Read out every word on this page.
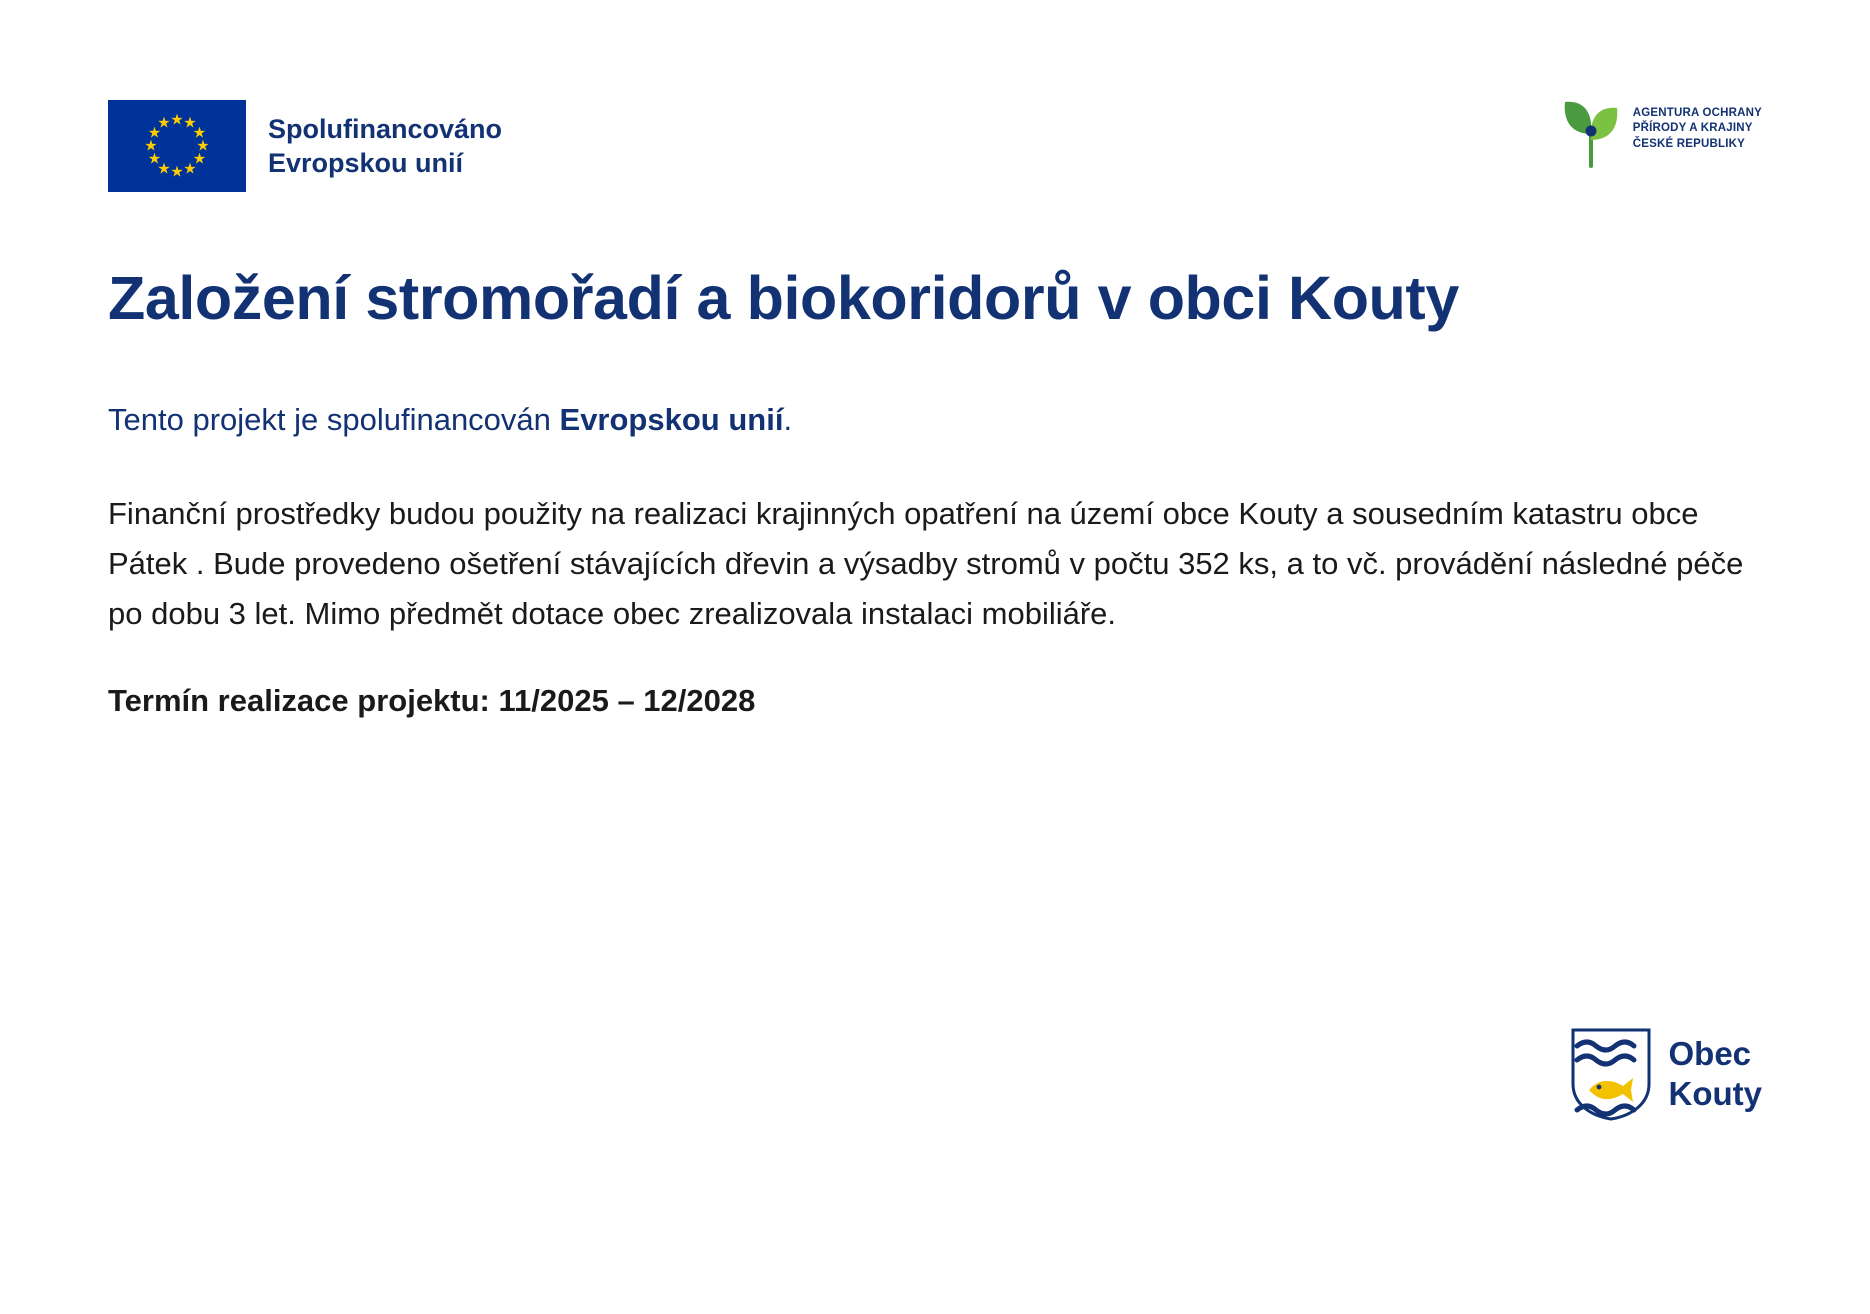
★ ★
★
★
★
★
★
★
★
★
★
★	Spolufinancováno
Evropskou unií
AGENTURA OCHRANY
PŘÍRODY A KRAJINY
ČESKÉ REPUBLIKY
Založení stromořadí a biokoridorů v obci Kouty

Tento projekt je spolufinancován Evropskou unií.

Finanční prostředky budou použity na realizaci krajinných opatření na území obce Kouty a sousedním katastru obce Pátek . Bude provedeno ošetření stávajících dřevin a výsadby stromů v počtu 352 ks, a to vč. provádění následné péče po dobu 3 let. Mimo předmět dotace obec zrealizovala instalaci mobiliáře.

Termín realizace projektu: 11/2025 – 12/2028

Obec
Kouty
